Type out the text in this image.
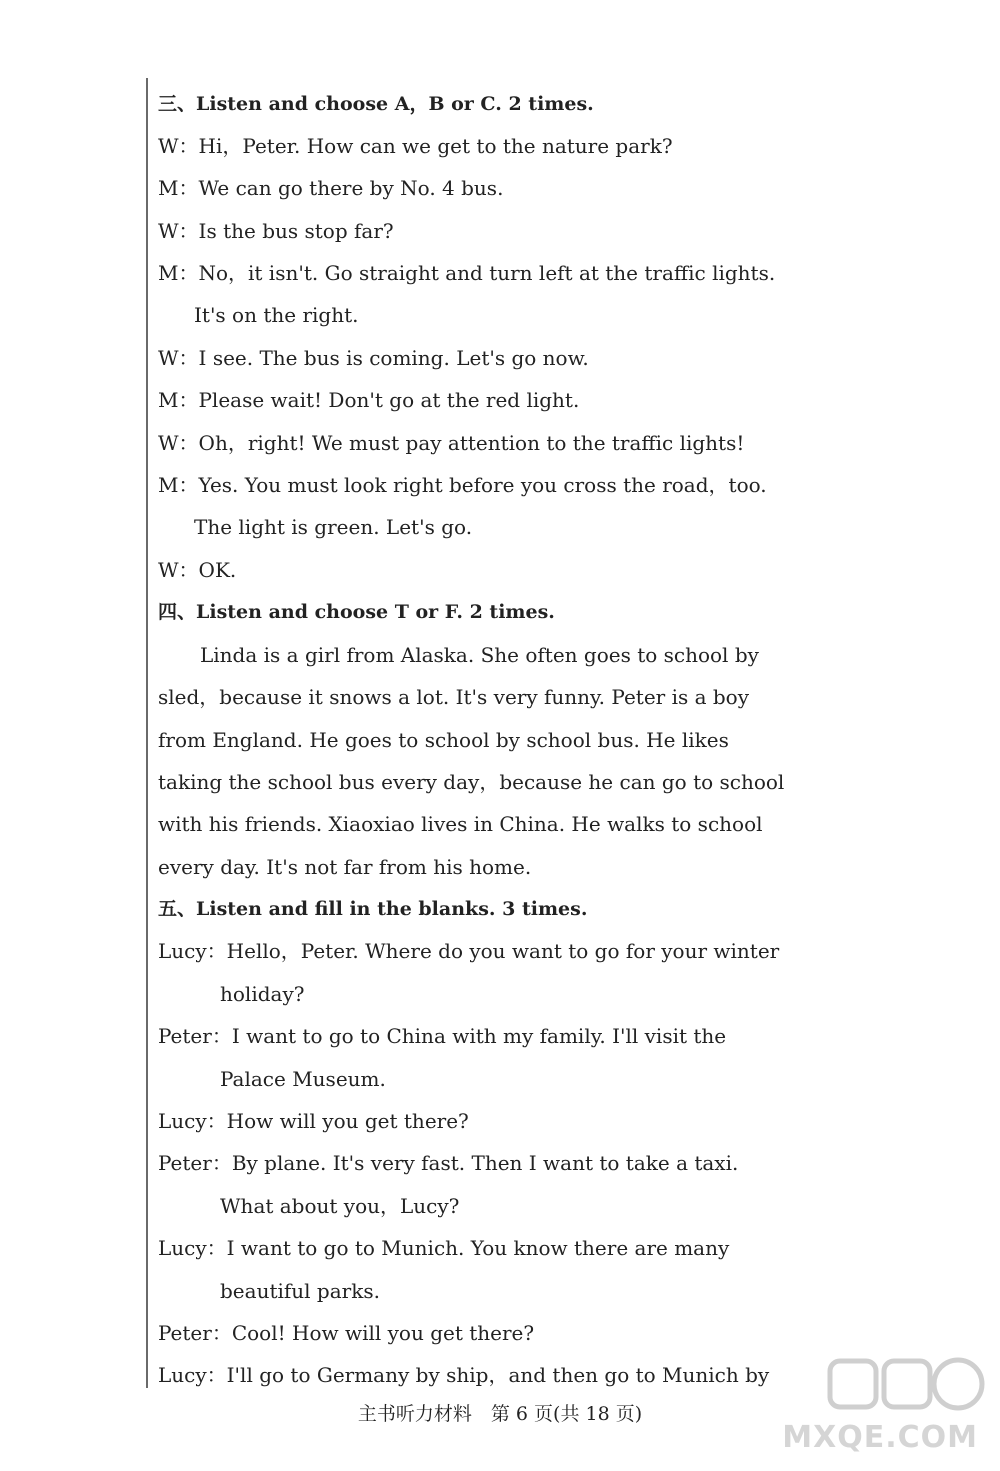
三、Listen and choose A，B or C. 2 times.
W：Hi，Peter. How can we get to the nature park?
M：We can go there by No. 4 bus.
W：Is the bus stop far?
M：No，it isn't. Go straight and turn left at the traffic lights.
It's on the right.
W：I see. The bus is coming. Let's go now.
M：Please wait! Don't go at the red light.
W：Oh，right! We must pay attention to the traffic lights!
M：Yes. You must look right before you cross the road，too.
The light is green. Let's go.
W：OK.
四、Listen and choose T or F. 2 times.
Linda is a girl from Alaska. She often goes to school by
sled，because it snows a lot. It's very funny. Peter is a boy
from England. He goes to school by school bus. He likes
taking the school bus every day，because he can go to school
with his friends. Xiaoxiao lives in China. He walks to school
every day. It's not far from his home.
五、Listen and fill in the blanks. 3 times.
Lucy：Hello，Peter. Where do you want to go for your winter
holiday?
Peter：I want to go to China with my family. I'll visit the
Palace Museum.
Lucy：How will you get there?
Peter：By plane. It's very fast. Then I want to take a taxi.
What about you，Lucy?
Lucy：I want to go to Munich. You know there are many
beautiful parks.
Peter：Cool! How will you get there?
Lucy：I'll go to Germany by ship，and then go to Munich by
主书听力材料　第 6 页(共 18 页)
MXQE.COM
